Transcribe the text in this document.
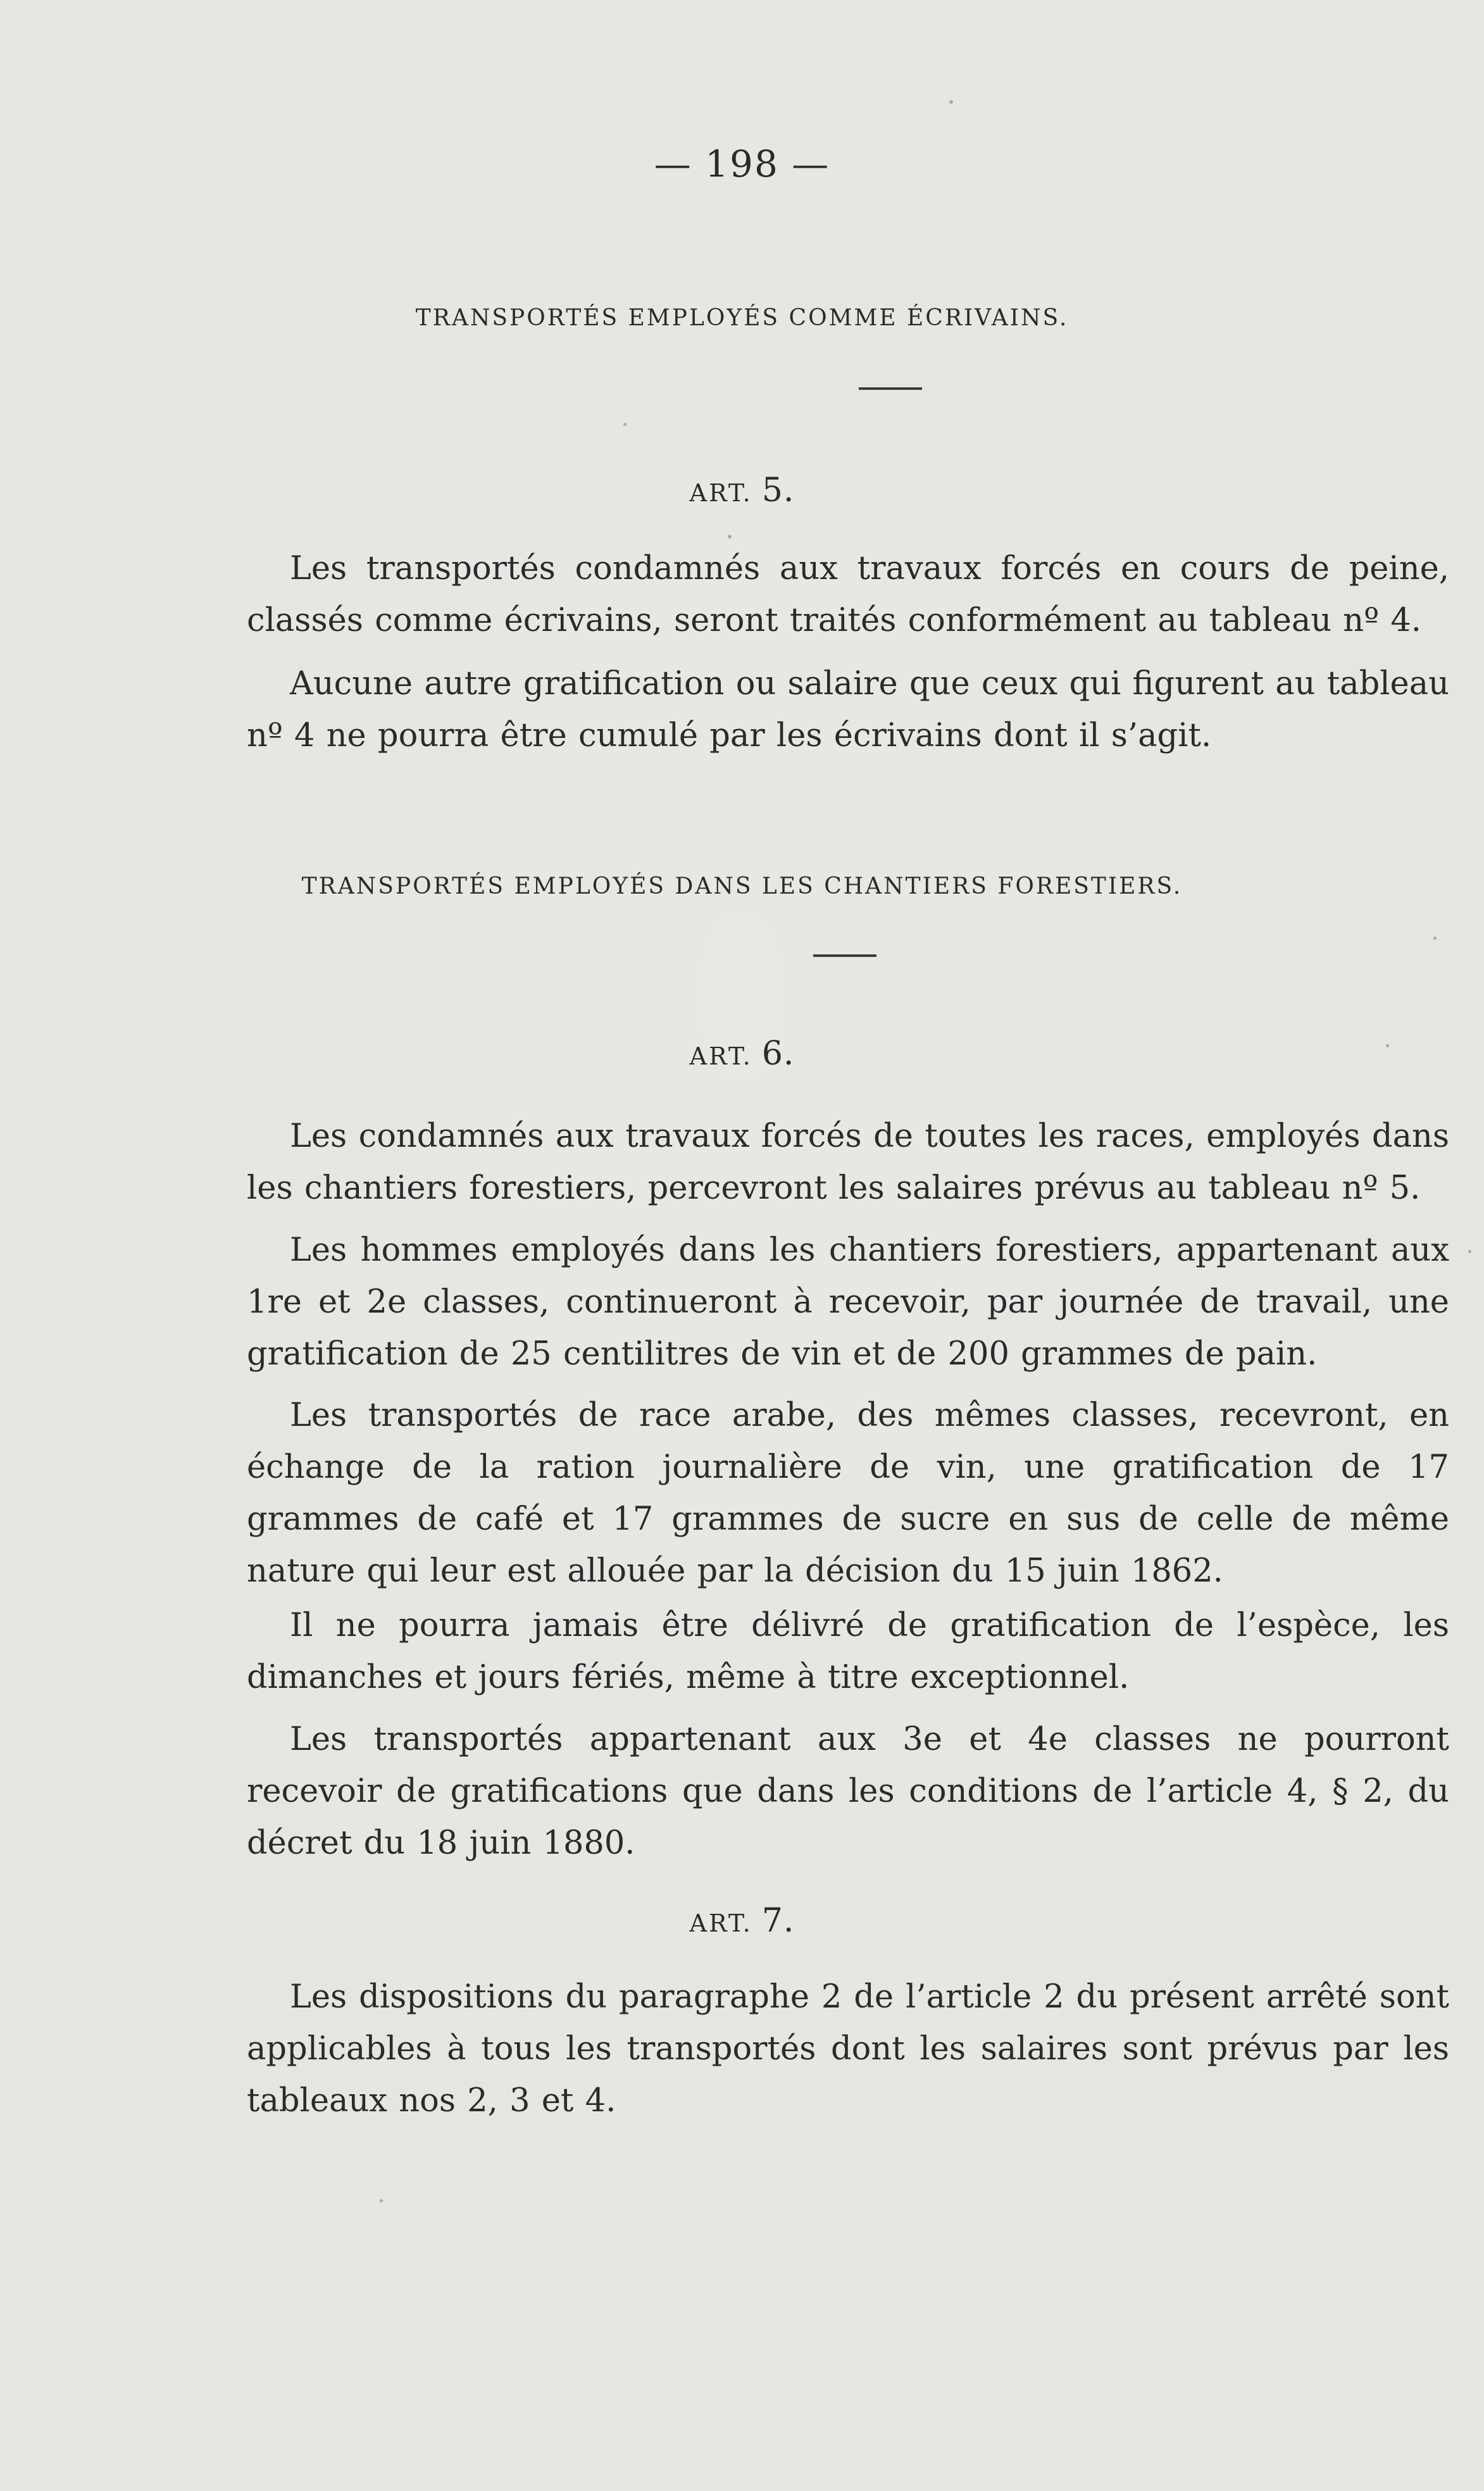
— 198 —
TRANSPORTÉS EMPLOYÉS COMME ÉCRIVAINS.
ART. 5.
Les transportés condamnés aux travaux forcés en cours de peine, classés comme écrivains, seront traités conformément au tableau nº 4.
Aucune autre gratification ou salaire que ceux qui figurent au tableau nº 4 ne pourra être cumulé par les écrivains dont il s’agit.
TRANSPORTÉS EMPLOYÉS DANS LES CHANTIERS FORESTIERS.
ART. 6.
Les condamnés aux travaux forcés de toutes les races, employés dans les chantiers forestiers, percevront les salaires prévus au tableau nº 5.
Les hommes employés dans les chantiers forestiers, appartenant aux 1re et 2e classes, continueront à recevoir, par journée de travail, une gratification de 25 centilitres de vin et de 200 grammes de pain.
Les transportés de race arabe, des mêmes classes, recevront, en échange de la ration journalière de vin, une gratification de 17 grammes de café et 17 grammes de sucre en sus de celle de même nature qui leur est allouée par la décision du 15 juin 1862.
Il ne pourra jamais être délivré de gratification de l’espèce, les dimanches et jours fériés, même à titre exceptionnel.
Les transportés appartenant aux 3e et 4e classes ne pourront recevoir de gratifications que dans les conditions de l’article 4, § 2, du décret du 18 juin 1880.
ART. 7.
Les dispositions du paragraphe 2 de l’article 2 du présent arrêté sont applicables à tous les transportés dont les salaires sont prévus par les tableaux nos 2, 3 et 4.
